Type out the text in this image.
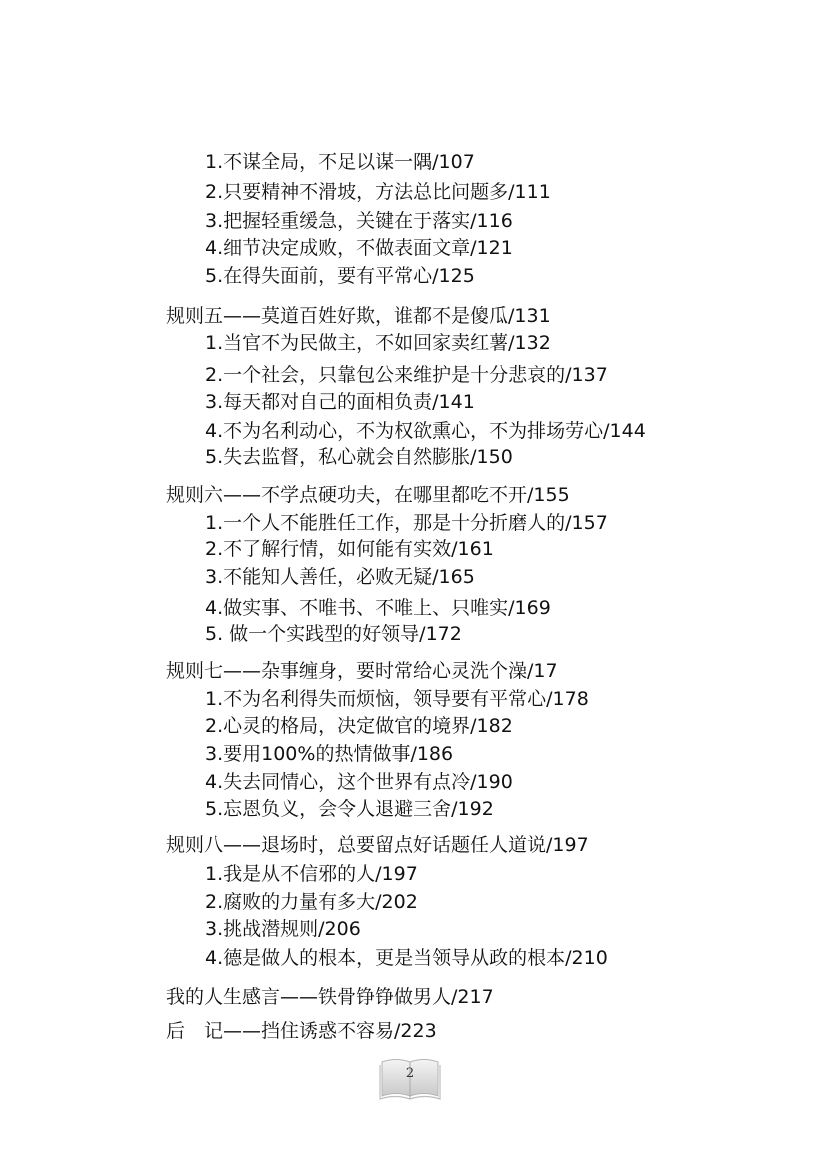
1.不谋全局，不足以谋一隅/107
2.只要精神不滑坡，方法总比问题多/111
3.把握轻重缓急，关键在于落实/116
4.细节决定成败，不做表面文章/121
5.在得失面前，要有平常心/125
规则五——莫道百姓好欺，谁都不是傻瓜/131
1.当官不为民做主，不如回家卖红薯/132
2.一个社会，只靠包公来维护是十分悲哀的/137
3.每天都对自己的面相负责/141
4.不为名利动心，不为权欲熏心，不为排场劳心/144
5.失去监督，私心就会自然膨胀/150
规则六——不学点硬功夫，在哪里都吃不开/155
1.一个人不能胜任工作，那是十分折磨人的/157
2.不了解行情，如何能有实效/161
3.不能知人善任，必败无疑/165
4.做实事、不唯书、不唯上、只唯实/169
5. 做一个实践型的好领导/172
规则七——杂事缠身，要时常给心灵洗个澡/17
1.不为名利得失而烦恼，领导要有平常心/178
2.心灵的格局，决定做官的境界/182
3.要用100%的热情做事/186
4.失去同情心，这个世界有点冷/190
5.忘恩负义，会令人退避三舍/192
规则八——退场时，总要留点好话题任人道说/197
1.我是从不信邪的人/197
2.腐败的力量有多大/202
3.挑战潜规则/206
4.德是做人的根本，更是当领导从政的根本/210
我的人生感言——铁骨铮铮做男人/217
后　记——挡住诱惑不容易/223
2
